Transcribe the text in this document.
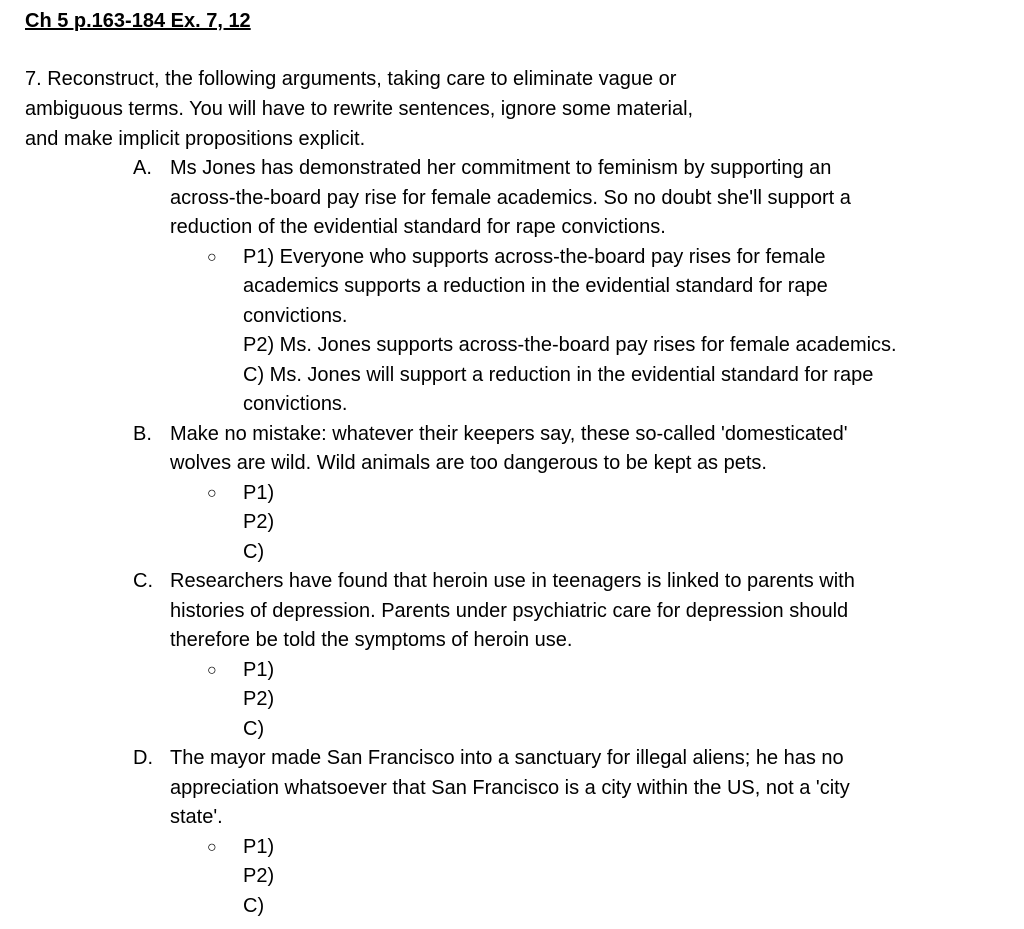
Ch 5 p.163-184 Ex. 7, 12
7. Reconstruct, the following arguments, taking care to eliminate vague or
ambiguous terms. You will have to rewrite sentences, ignore some material,
and make implicit propositions explicit.
A. Ms Jones has demonstrated her commitment to feminism by supporting an
across-the-board pay rise for female academics. So no doubt she'll support a
reduction of the evidential standard for rape convictions.
○ P1) Everyone who supports across-the-board pay rises for female
academics supports a reduction in the evidential standard for rape
convictions.
P2) Ms. Jones supports across-the-board pay rises for female academics.
C) Ms. Jones will support a reduction in the evidential standard for rape
convictions.
B. Make no mistake: whatever their keepers say, these so-called 'domesticated'
wolves are wild. Wild animals are too dangerous to be kept as pets.
○ P1)
P2)
C)
C. Researchers have found that heroin use in teenagers is linked to parents with
histories of depression. Parents under psychiatric care for depression should
therefore be told the symptoms of heroin use.
○ P1)
P2)
C)
D. The mayor made San Francisco into a sanctuary for illegal aliens; he has no
appreciation whatsoever that San Francisco is a city within the US, not a 'city
state'.
○ P1)
P2)
C)
